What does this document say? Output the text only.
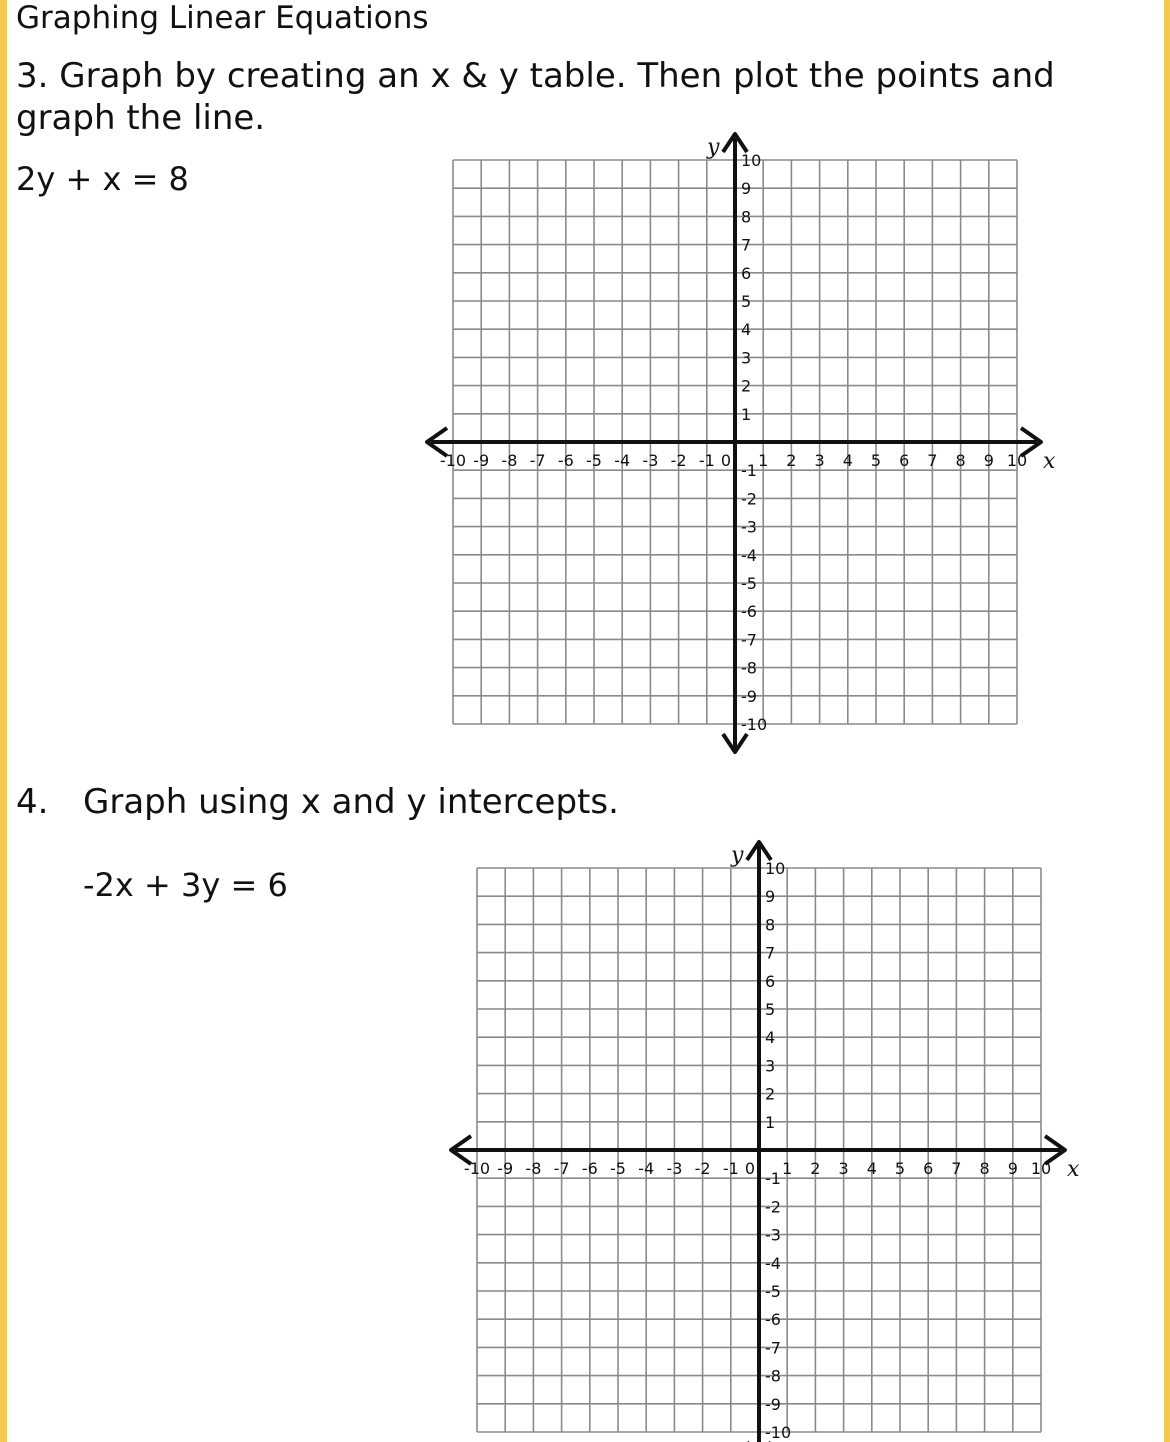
Graphing Linear Equations
3. Graph by creating an x & y table. Then plot the points and
graph the line.
2y + x = 8
-10 -9 -8 -7 -6 -5 -4 -3 -2 -1	1 2 3 4 5 6 7 8 9 10
0
10
9
8
7
6
5
4
3
2
1
-1
-2
-3
-4
-5
-6
-7
-8
-9
-10
x
y
4. Graph using x and y intercepts.
-2x + 3y = 6
-10 -9 -8 -7 -6 -5 -4 -3 -2 -1	1 2 3 4 5 6 7 8 9 10
0
10
9
8
7
6
5
4
3
2
1
-1
-2
-3
-4
-5
-6
-7
-8
-9
-10
x
y
